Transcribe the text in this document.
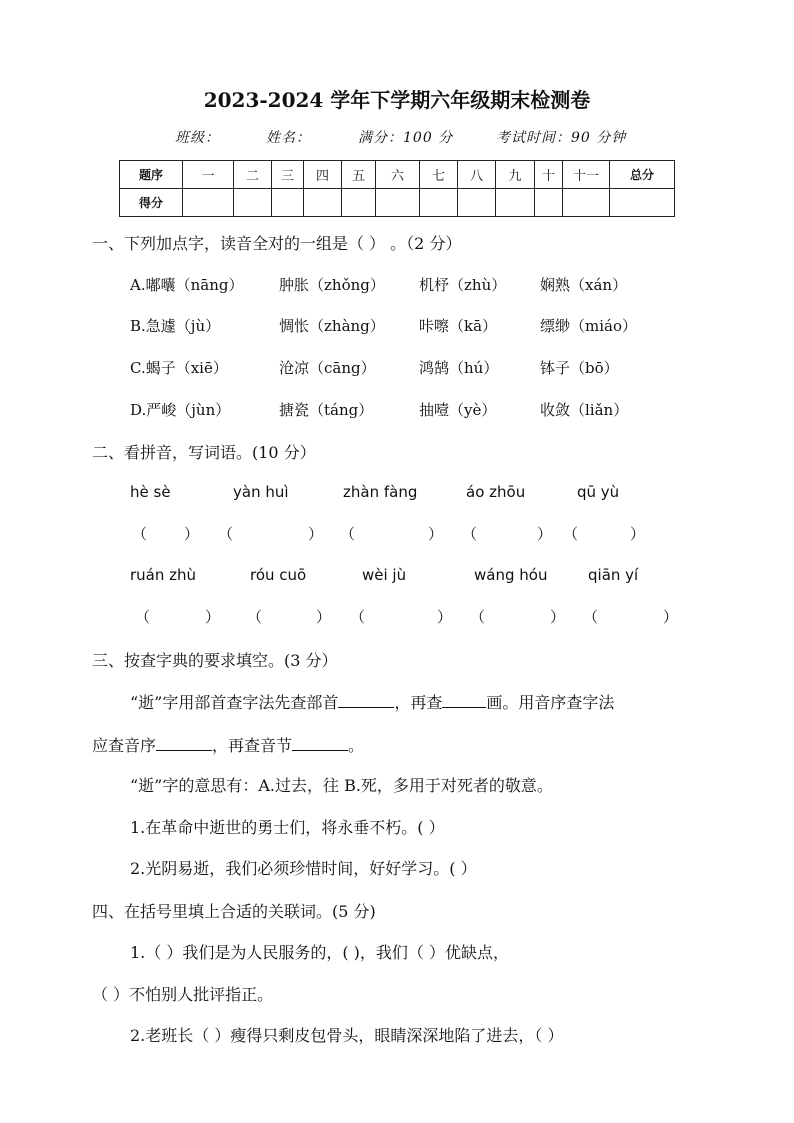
2023-2024 学年下学期六年级期末检测卷
班级：	姓名：	满分：100 分	考试时间：90 分钟
题序	一	二	三	四	五	六	七	八	九	十	十一	总分
得分												
一、下列加点字，读音全对的一组是（ ） 。（2 分）
A.嘟囔（nāng） 肿胀（zhǒng） 机杼（zhù） 娴熟（xán）
B.急遽（jù）	惆怅（zhàng） 咔嚓（kā）	缥缈（miáo）
C.蝎子（xiē）	沧凉（cāng）	鸿鹄（hú）	钵子（bō）
D.严峻（jùn）	搪瓷（táng）	抽噎（yè）	收敛（liǎn）
二、看拼音，写词语。(10 分）
hè sè	yàn huì	zhàn fàng	áo zhōu	qū yù
（ ） （	） （	） （	） （	）
ruán zhù	róu cuō	wèi jù	wáng hóu	qiān yí
（	） （	） （	） （	） （	）
三、按查字典的要求填空。(3 分）
“逝”字用部首查字法先查部首	，再查	画。用音序查字法
应查音序	，再查音节	。
“逝”字的意思有：A.过去，往 B.死，多用于对死者的敬意。
1.在革命中逝世的勇士们，将永垂不朽。( ）
2.光阴易逝，我们必须珍惜时间，好好学习。( ）
四、在括号里填上合适的关联词。(5 分)
1.（ ）我们是为人民服务的，( )，我们（ ）优缺点，
（ ）不怕别人批评指正。
2.老班长（ ）瘦得只剩皮包骨头，眼睛深深地陷了进去，（ ）
